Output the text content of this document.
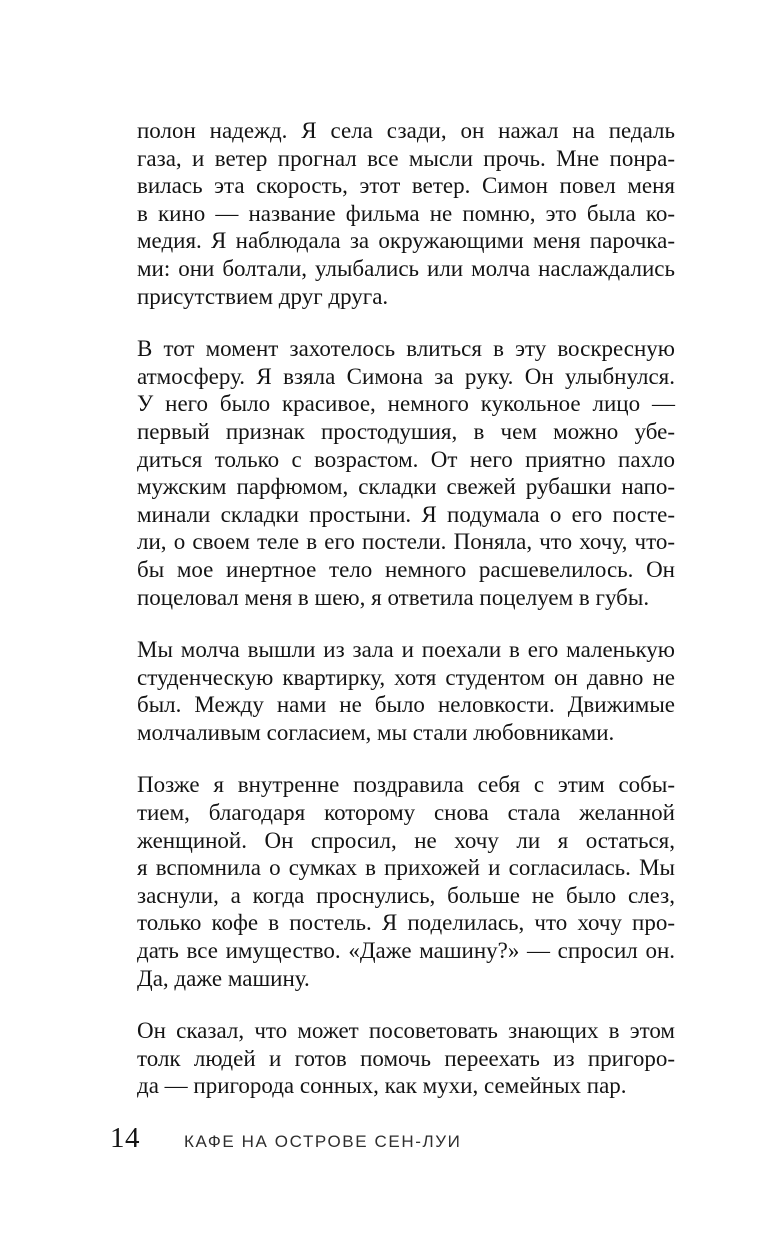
полон надежд. Я села сзади, он нажал на педаль
газа, и ветер прогнал все мысли прочь. Мне понра-
вилась эта скорость, этот ветер. Симон повел меня
в кино — название фильма не помню, это была ко-
медия. Я наблюдала за окружающими меня парочка-
ми: они болтали, улыбались или молча наслаждались
присутствием друг друга.
В тот момент захотелось влиться в эту воскресную
атмосферу. Я взяла Симона за руку. Он улыбнулся.
У него было красивое, немного кукольное лицо —
первый признак простодушия, в чем можно убе-
диться только с возрастом. От него приятно пахло
мужским парфюмом, складки свежей рубашки напо-
минали складки простыни. Я подумала о его посте-
ли, о своем теле в его постели. Поняла, что хочу, что-
бы мое инертное тело немного расшевелилось. Он
поцеловал меня в шею, я ответила поцелуем в губы.
Мы молча вышли из зала и поехали в его маленькую
студенческую квартирку, хотя студентом он давно не
был. Между нами не было неловкости. Движимые
молчаливым согласием, мы стали любовниками.
Позже я внутренне поздравила себя с этим собы-
тием, благодаря которому снова стала желанной
женщиной. Он спросил, не хочу ли я остаться,
я вспомнила о сумках в прихожей и согласилась. Мы
заснули, а когда проснулись, больше не было слез,
только кофе в постель. Я поделилась, что хочу про-
дать все имущество. «Даже машину?» — спросил он.
Да, даже машину.
Он сказал, что может посоветовать знающих в этом
толк людей и готов помочь переехать из пригоро-
да — пригорода сонных, как мухи, семейных пар.
14	КАФЕ НА ОСТРОВЕ СЕН-ЛУИ
